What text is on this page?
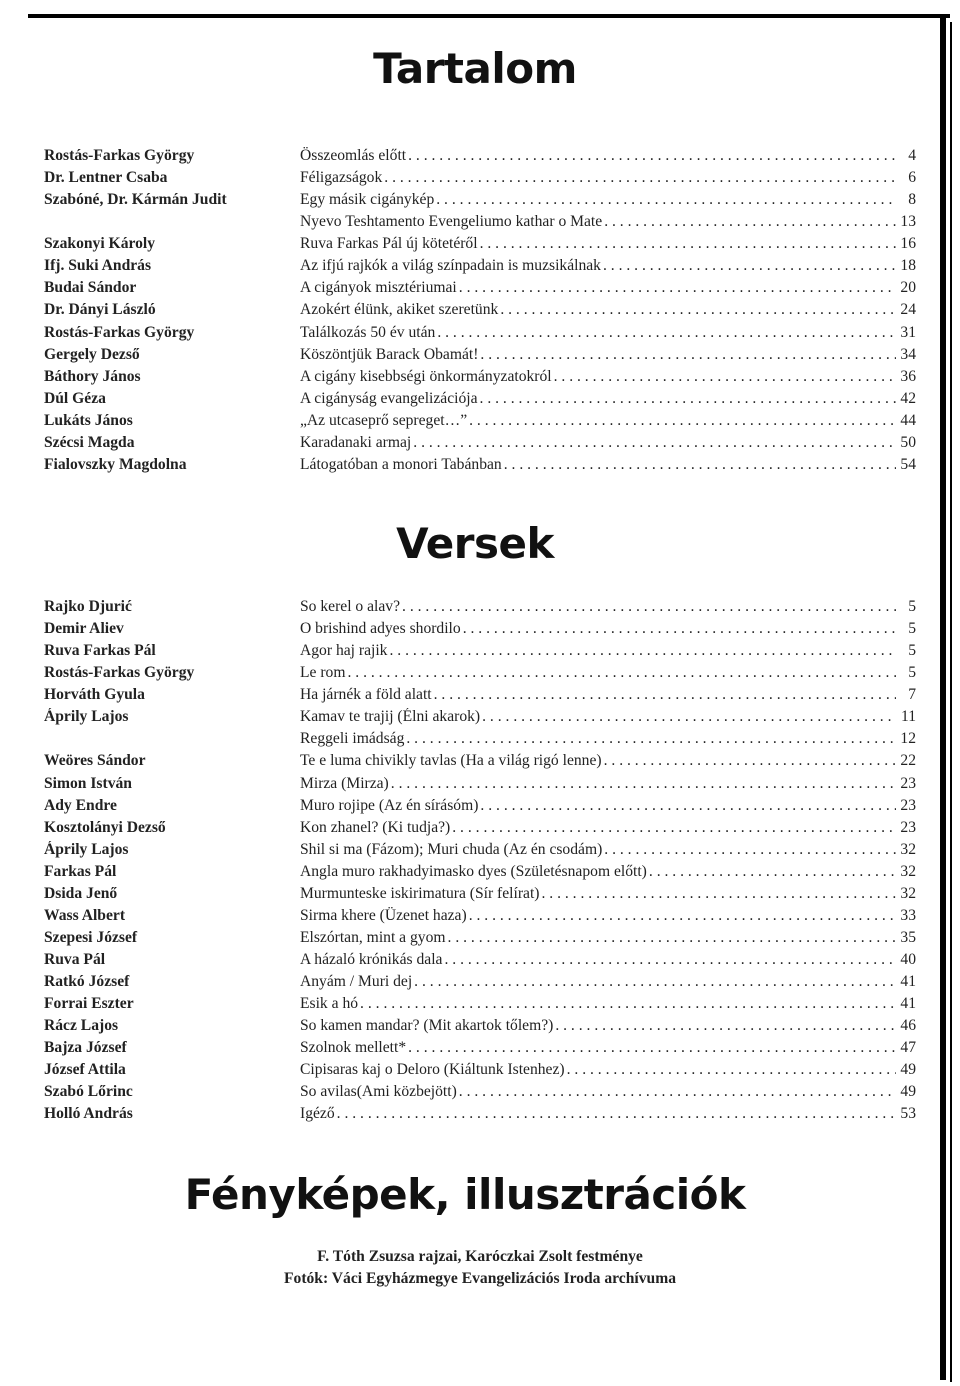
Tartalom
Rostás-Farkas György	Összeomlás előtt . . .	4
Dr. Lentner Csaba	Féligazságok . . .	6
Szabóné, Dr. Kármán Judit	Egy másik cigánykép . . .	8
Nyevo Teshtamento Evengeliumo kathar o Mate . . .	13
Szakonyi Károly	Ruva Farkas Pál új kötetéről . . .	16
Ifj. Suki András	Az ifjú rajkók a világ színpadain is muzsikálnak . . .	18
Budai Sándor	A cigányok misztériumai . . .	20
Dr. Dányi László	Azokért élünk, akiket szeretünk . . .	24
Rostás-Farkas György	Találkozás 50 év után . . .	31
Gergely Dezső	Köszöntjük Barack Obamát! . . .	34
Báthory János	A cigány kisebbségi önkormányzatokról . . .	36
Dúl Géza	A cigányság evangelizációja . . .	42
Lukáts János	„Az utcaseprő sepreget…” . . .	44
Szécsi Magda	Karadanaki armaj . . .	50
Fialovszky Magdolna	Látogatóban a monori Tabánban . . .	54
Versek
Rajko Djurić	So kerel o alav? . . .	5
Demir Aliev	O brishind adyes shordilo . . .	5
Ruva Farkas Pál	Agor haj rajik . . .	5
Rostás-Farkas György	Le rom . . .	5
Horváth Gyula	Ha járnék a föld alatt . . .	7
Áprily Lajos	Kamav te trajij (Élni akarok) . . .	11
Reggeli imádság . . .	12
Weöres Sándor	Te e luma chivikly tavlas (Ha a világ rigó lenne) . . .	22
Simon István	Mirza (Mirza) . . .	23
Ady Endre	Muro rojipe (Az én sírásóm) . . .	23
Kosztolányi Dezső	Kon zhanel? (Ki tudja?) . . .	23
Áprily Lajos	Shil si ma (Fázom); Muri chuda (Az én csodám) . . .	32
Farkas Pál	Angla muro rakhadyimasko dyes (Születésnapom előtt) . . .	32
Dsida Jenő	Murmunteske iskirimatura (Sír felírat) . . .	32
Wass Albert	Sirma khere (Üzenet haza) . . .	33
Szepesi József	Elszórtan, mint a gyom . . .	35
Ruva Pál	A házaló krónikás dala . . .	40
Ratkó József	Anyám / Muri dej . . .	41
Forrai Eszter	Esik a hó . . .	41
Rácz Lajos	So kamen mandar? (Mit akartok tőlem?) . . .	46
Bajza József	Szolnok mellett* . . .	47
József Attila	Cipisaras kaj o Deloro (Kiáltunk Istenhez) . . .	49
Szabó Lőrinc	So avilas(Ami közbejött) . . .	49
Holló András	Igéző . . .	53
Fényképek, illusztrációk

F. Tóth Zsuzsa rajzai, Karóczkai Zsolt festménye

Fotók: Váci Egyházmegye Evangelizációs Iroda archívuma
